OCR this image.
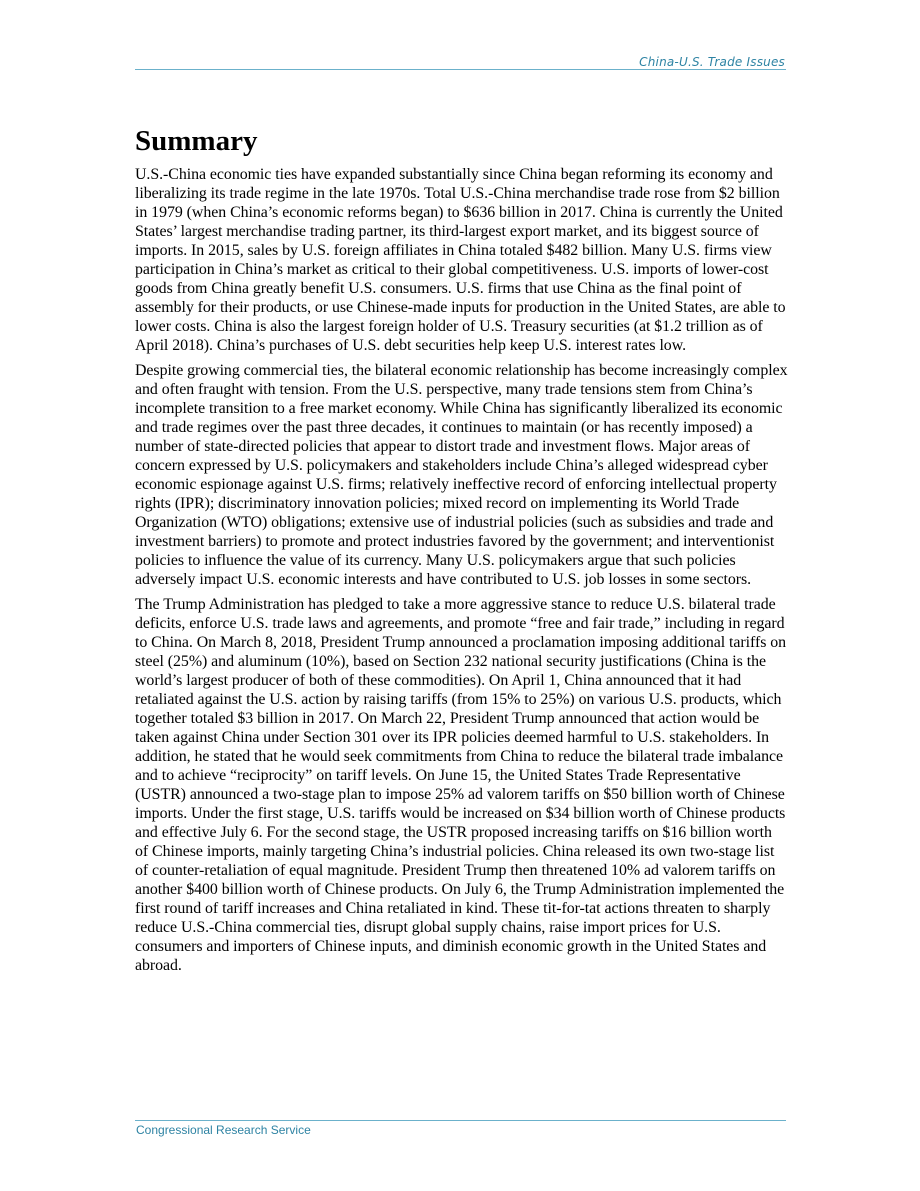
China-U.S. Trade Issues
Summary

U.S.-China economic ties have expanded substantially since China began reforming its economy and liberalizing its trade regime in the late 1970s. Total U.S.-China merchandise trade rose from $2 billion in 1979 (when China’s economic reforms began) to $636 billion in 2017. China is currently the United States’ largest merchandise trading partner, its third-largest export market, and its biggest source of imports. In 2015, sales by U.S. foreign affiliates in China totaled $482 billion. Many U.S. firms view participation in China’s market as critical to their global competitiveness. U.S. imports of lower-cost goods from China greatly benefit U.S. consumers. U.S. firms that use China as the final point of assembly for their products, or use Chinese-made inputs for production in the United States, are able to lower costs. China is also the largest foreign holder of U.S. Treasury securities (at $1.2 trillion as of April 2018). China’s purchases of U.S. debt securities help keep U.S. interest rates low.

Despite growing commercial ties, the bilateral economic relationship has become increasingly complex and often fraught with tension. From the U.S. perspective, many trade tensions stem from China’s incomplete transition to a free market economy. While China has significantly liberalized its economic and trade regimes over the past three decades, it continues to maintain (or has recently imposed) a number of state-directed policies that appear to distort trade and investment flows. Major areas of concern expressed by U.S. policymakers and stakeholders include China’s alleged widespread cyber economic espionage against U.S. firms; relatively ineffective record of enforcing intellectual property rights (IPR); discriminatory innovation policies; mixed record on implementing its World Trade Organization (WTO) obligations; extensive use of industrial policies (such as subsidies and trade and investment barriers) to promote and protect industries favored by the government; and interventionist policies to influence the value of its currency. Many U.S. policymakers argue that such policies adversely impact U.S. economic interests and have contributed to U.S. job losses in some sectors.

The Trump Administration has pledged to take a more aggressive stance to reduce U.S. bilateral trade deficits, enforce U.S. trade laws and agreements, and promote “free and fair trade,” including in regard to China. On March 8, 2018, President Trump announced a proclamation imposing additional tariffs on steel (25%) and aluminum (10%), based on Section 232 national security justifications (China is the world’s largest producer of both of these commodities). On April 1, China announced that it had retaliated against the U.S. action by raising tariffs (from 15% to 25%) on various U.S. products, which together totaled $3 billion in 2017. On March 22, President Trump announced that action would be taken against China under Section 301 over its IPR policies deemed harmful to U.S. stakeholders. In addition, he stated that he would seek commitments from China to reduce the bilateral trade imbalance and to achieve “reciprocity” on tariff levels. On June 15, the United States Trade Representative (USTR) announced a two-stage plan to impose 25% ad valorem tariffs on $50 billion worth of Chinese imports. Under the first stage, U.S. tariffs would be increased on $34 billion worth of Chinese products and effective July 6. For the second stage, the USTR proposed increasing tariffs on $16 billion worth of Chinese imports, mainly targeting China’s industrial policies. China released its own two-stage list of counter-retaliation of equal magnitude. President Trump then threatened 10% ad valorem tariffs on another $400 billion worth of Chinese products. On July 6, the Trump Administration implemented the first round of tariff increases and China retaliated in kind. These tit-for-tat actions threaten to sharply reduce U.S.-China commercial ties, disrupt global supply chains, raise import prices for U.S. consumers and importers of Chinese inputs, and diminish economic growth in the United States and abroad.

Congressional Research Service
